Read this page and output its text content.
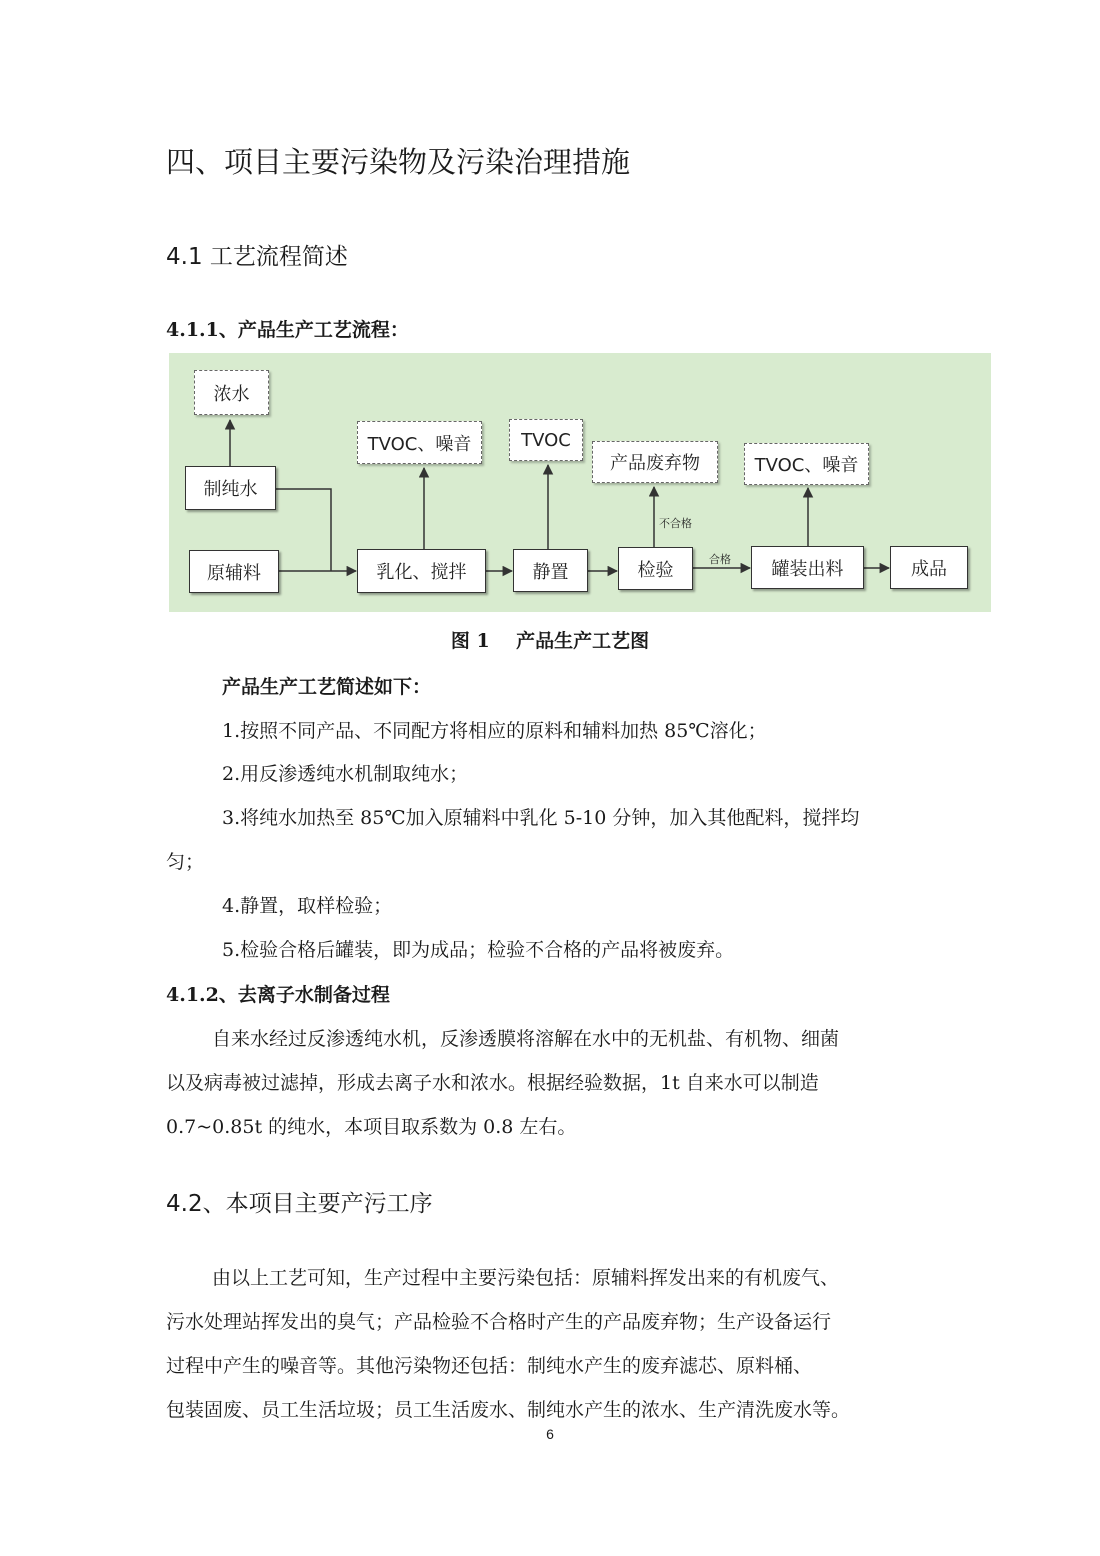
四、项目主要污染物及污染治理措施
4.1 工艺流程简述
4.1.1、产品生产工艺流程：
浓水
制纯水
原辅料
TVOC、噪音
乳化、搅拌
TVOC
静置
产品废弃物
检验
TVOC、噪音
罐装出料	成品
不合格
合格
图 1    产品生产工艺图
产品生产工艺简述如下：
1.按照不同产品、不同配方将相应的原料和辅料加热 85℃溶化；
2.用反渗透纯水机制取纯水；
3.将纯水加热至 85℃加入原辅料中乳化 5-10 分钟，加入其他配料，搅拌均
匀；
4.静置，取样检验；
5.检验合格后罐装，即为成品；检验不合格的产品将被废弃。
4.1.2、去离子水制备过程
自来水经过反渗透纯水机，反渗透膜将溶解在水中的无机盐、有机物、细菌
以及病毒被过滤掉，形成去离子水和浓水。根据经验数据，1t 自来水可以制造
0.7~0.85t 的纯水，本项目取系数为 0.8 左右。
4.2、本项目主要产污工序
由以上工艺可知，生产过程中主要污染包括：原辅料挥发出来的有机废气、
污水处理站挥发出的臭气；产品检验不合格时产生的产品废弃物；生产设备运行
过程中产生的噪音等。其他污染物还包括：制纯水产生的废弃滤芯、原料桶、
包装固废、员工生活垃圾；员工生活废水、制纯水产生的浓水、生产清洗废水等。
6
